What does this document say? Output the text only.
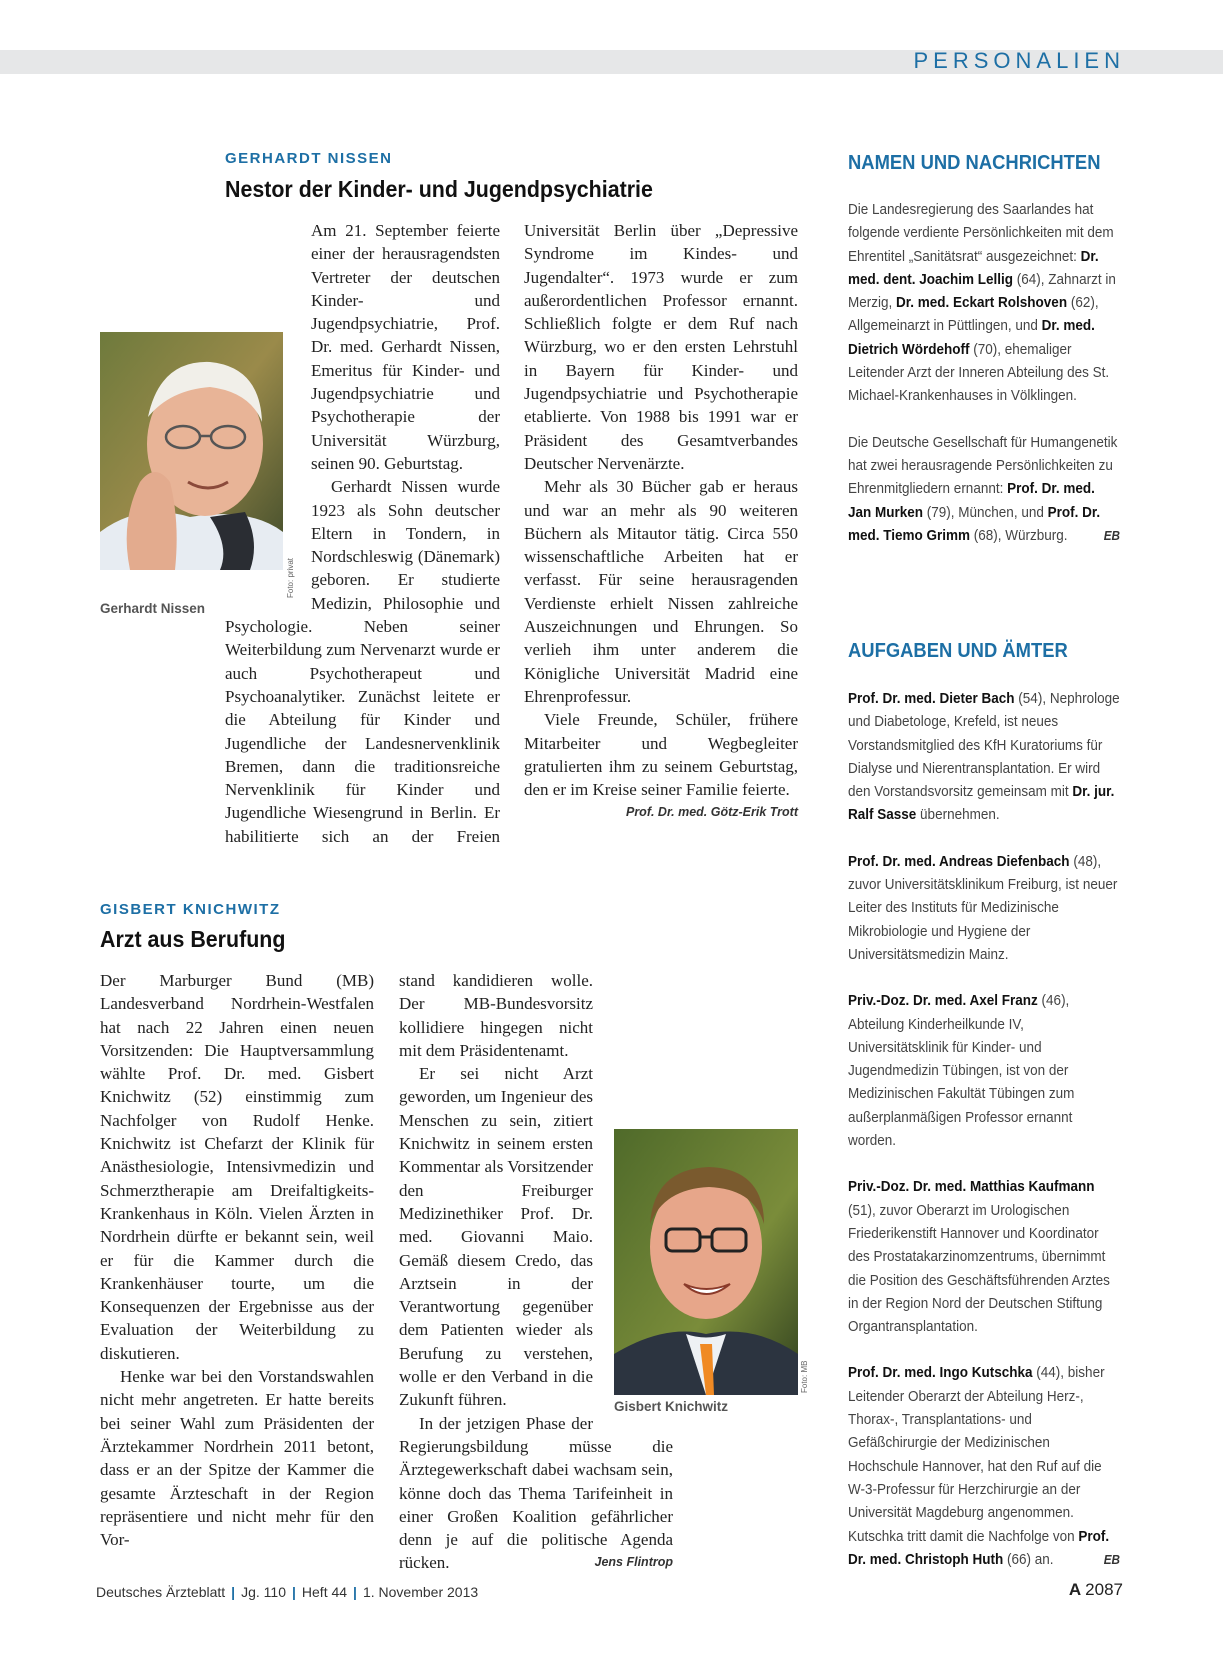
PERSONALIEN
GERHARDT NISSEN
Nestor der Kinder- und Jugendpsychiatrie
Foto: privat
Gerhardt Nissen

Am 21. September feierte einer der herausragendsten Vertreter der deutschen Kinder- und Jugendpsychiatrie, Prof. Dr. med. Gerhardt Nissen, Emeritus für Kinder- und Jugendpsychiatrie und Psychotherapie der Universität Würzburg, seinen 90. Geburtstag.

Gerhardt Nissen wurde 1923 als Sohn deutscher Eltern in Tondern, in Nordschleswig (Dänemark) geboren. Er studierte Medizin, Philosophie und Psychologie. Neben seiner Weiterbildung zum Nervenarzt wurde er auch Psychotherapeut und Psychoanalytiker. Zunächst leitete er die Abteilung für Kinder und Jugendliche der Landesnervenklinik Bremen, dann die traditionsreiche Nervenklinik für Kinder und Jugendliche Wiesengrund in Berlin. Er habilitierte sich an der Freien

Universität Berlin über „Depressive Syndrome im Kindes- und Jugendalter“. 1973 wurde er zum außerordentlichen Professor ernannt. Schließlich folgte er dem Ruf nach Würzburg, wo er den ersten Lehrstuhl in Bayern für Kinder- und Jugendpsychiatrie und Psychotherapie etablierte. Von 1988 bis 1991 war er Präsident des Gesamtverbandes Deutscher Nervenärzte.

Mehr als 30 Bücher gab er heraus und war an mehr als 90 weiteren Büchern als Mitautor tätig. Circa 550 wissenschaftliche Arbeiten hat er verfasst. Für seine herausragenden Verdienste erhielt Nissen zahlreiche Auszeichnungen und Ehrungen. So verlieh ihm unter anderem die Königliche Universität Madrid eine Ehrenprofessur.

Viele Freunde, Schüler, frühere Mitarbeiter und Wegbegleiter gratulierten ihm zu seinem Geburtstag, den er im Kreise seiner Familie feierte.
Prof. Dr. med. Götz-Erik Trott

GISBERT KNICHWITZ
Arzt aus Berufung

Der Marburger Bund (MB) Landesverband Nordrhein-Westfalen hat nach 22 Jahren einen neuen Vorsitzenden: Die Hauptversammlung wählte Prof. Dr. med. Gisbert Knichwitz (52) einstimmig zum Nachfolger von Rudolf Henke. Knichwitz ist Chefarzt der Klinik für Anästhesiologie, Intensivmedizin und Schmerztherapie am Dreifaltigkeits-Krankenhaus in Köln. Vielen Ärzten in Nordrhein dürfte er bekannt sein, weil er für die Kammer durch die Krankenhäuser tourte, um die Konsequenzen der Ergebnisse aus der Evaluation der Weiterbildung zu diskutieren.

Henke war bei den Vorstandswahlen nicht mehr angetreten. Er hatte bereits bei seiner Wahl zum Präsidenten der Ärztekammer Nordrhein 2011 betont, dass er an der Spitze der Kammer die gesamte Ärzteschaft in der Region repräsentiere und nicht mehr für den Vor-

Foto: MB
Gisbert Knichwitz

stand kandidieren wolle. Der MB-Bundesvorsitz kollidiere hingegen nicht mit dem Präsidentenamt.

Er sei nicht Arzt geworden, um Ingenieur des Menschen zu sein, zitiert Knichwitz in seinem ersten Kommentar als Vorsitzender den Freiburger Medizinethiker Prof. Dr. med. Giovanni Maio. Gemäß diesem Credo, das Arztsein in der Verantwortung gegenüber dem Patienten wieder als Berufung zu verstehen, wolle er den Verband in die Zukunft führen.

In der jetzigen Phase der Regierungsbildung müsse die Ärztegewerkschaft dabei wachsam sein, könne doch das Thema Tarifeinheit in einer Großen Koalition gefährlicher denn je auf die politische Agenda rücken.	Jens Flintrop

NAMEN UND NACHRICHTEN

Die Landesregierung des Saarlandes hat folgende verdiente Persönlichkeiten mit dem Ehrentitel „Sanitätsrat“ ausgezeichnet: Dr. med. dent. Joachim Lellig (64), Zahnarzt in Merzig, Dr. med. Eckart Rolshoven (62), Allgemeinarzt in Püttlingen, und Dr. med. Dietrich Wördehoff (70), ehemaliger Leitender Arzt der Inneren Abteilung des St. Michael-Krankenhauses in Völklingen.

Die Deutsche Gesellschaft für Humangenetik hat zwei herausragende Persönlichkeiten zu Ehrenmitgliedern ernannt: Prof. Dr. med. Jan Murken (79), München, und Prof. Dr. med. Tiemo Grimm (68), Würzburg.	EB

AUFGABEN UND ÄMTER

Prof. Dr. med. Dieter Bach (54), Nephrologe und Diabetologe, Krefeld, ist neues Vorstandsmitglied des KfH Kuratoriums für Dialyse und Nierentransplantation. Er wird den Vorstandsvorsitz gemeinsam mit Dr. jur. Ralf Sasse übernehmen.

Prof. Dr. med. Andreas Diefenbach (48), zuvor Universitätsklinikum Freiburg, ist neuer Leiter des Instituts für Medizinische Mikrobiologie und Hygiene der Universitätsmedizin Mainz.

Priv.-Doz. Dr. med. Axel Franz (46), Abteilung Kinderheilkunde IV, Universitätsklinik für Kinder- und Jugendmedizin Tübingen, ist von der Medizinischen Fakultät Tübingen zum außerplanmäßigen Professor ernannt worden.

Priv.-Doz. Dr. med. Matthias Kaufmann (51), zuvor Oberarzt im Urologischen Friederikenstift Hannover und Koordinator des Prostatakarzinomzentrums, übernimmt die Position des Geschäftsführenden Arztes in der Region Nord der Deutschen Stiftung Organtransplantation.

Prof. Dr. med. Ingo Kutschka (44), bisher Leitender Oberarzt der Abteilung Herz-, Thorax-, Transplantations- und Gefäßchirurgie der Medizinischen Hochschule Hannover, hat den Ruf auf die W-3-Professur für Herzchirurgie an der Universität Magdeburg angenommen. Kutschka tritt damit die Nachfolge von Prof. Dr. med. Christoph Huth (66) an.	EB

Deutsches Ärzteblatt | Jg. 110 | Heft 44 | 1. November 2013	A 2087
